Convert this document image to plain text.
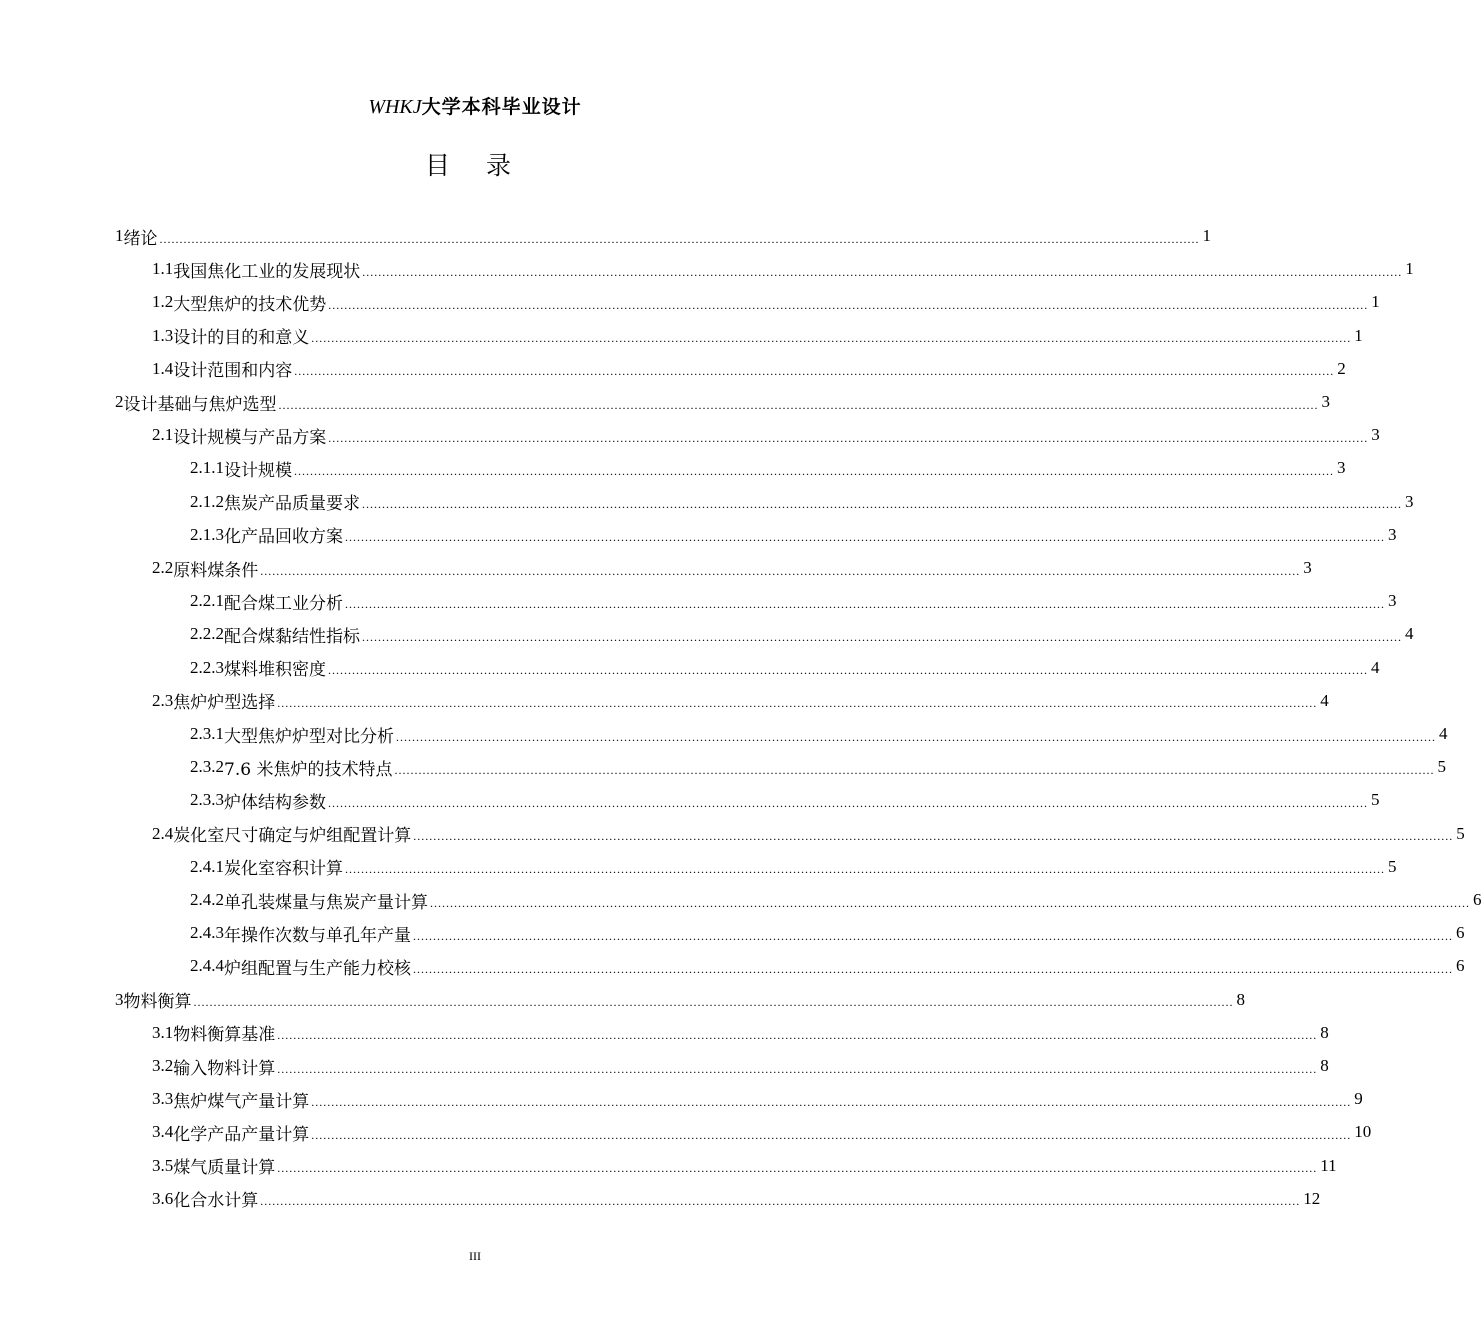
WHKJ大学本科毕业设计
目 录
1 绪论 .................................................................................................................................................................................................................................................................... 1
1.1 我国焦化工业的发展现状 .................................................................................................................................................................................................................................................................... 1
1.2 大型焦炉的技术优势 .................................................................................................................................................................................................................................................................... 1
1.3 设计的目的和意义 .................................................................................................................................................................................................................................................................... 1
1.4 设计范围和内容 .................................................................................................................................................................................................................................................................... 2
2 设计基础与焦炉选型 .................................................................................................................................................................................................................................................................... 3
2.1 设计规模与产品方案 .................................................................................................................................................................................................................................................................... 3
2.1.1 设计规模 .................................................................................................................................................................................................................................................................... 3
2.1.2 焦炭产品质量要求 .................................................................................................................................................................................................................................................................... 3
2.1.3 化产品回收方案 .................................................................................................................................................................................................................................................................... 3
2.2 原料煤条件 .................................................................................................................................................................................................................................................................... 3
2.2.1 配合煤工业分析 .................................................................................................................................................................................................................................................................... 3
2.2.2 配合煤黏结性指标 .................................................................................................................................................................................................................................................................... 4
2.2.3 煤料堆积密度 .................................................................................................................................................................................................................................................................... 4
2.3 焦炉炉型选择 .................................................................................................................................................................................................................................................................... 4
2.3.1 大型焦炉炉型对比分析 .................................................................................................................................................................................................................................................................... 4
2.3.2 7.6 米焦炉的技术特点 .................................................................................................................................................................................................................................................................... 5
2.3.3 炉体结构参数 .................................................................................................................................................................................................................................................................... 5
2.4 炭化室尺寸确定与炉组配置计算 .................................................................................................................................................................................................................................................................... 5
2.4.1 炭化室容积计算 .................................................................................................................................................................................................................................................................... 5
2.4.2 单孔装煤量与焦炭产量计算 .................................................................................................................................................................................................................................................................... 6
2.4.3 年操作次数与单孔年产量 .................................................................................................................................................................................................................................................................... 6
2.4.4 炉组配置与生产能力校核 .................................................................................................................................................................................................................................................................... 6
3 物料衡算 .................................................................................................................................................................................................................................................................... 8
3.1 物料衡算基准 .................................................................................................................................................................................................................................................................... 8
3.2 输入物料计算 .................................................................................................................................................................................................................................................................... 8
3.3 焦炉煤气产量计算 .................................................................................................................................................................................................................................................................... 9
3.4 化学产品产量计算 .................................................................................................................................................................................................................................................................... 10
3.5 煤气质量计算 .................................................................................................................................................................................................................................................................... 11
3.6 化合水计算 .................................................................................................................................................................................................................................................................... 12
III
